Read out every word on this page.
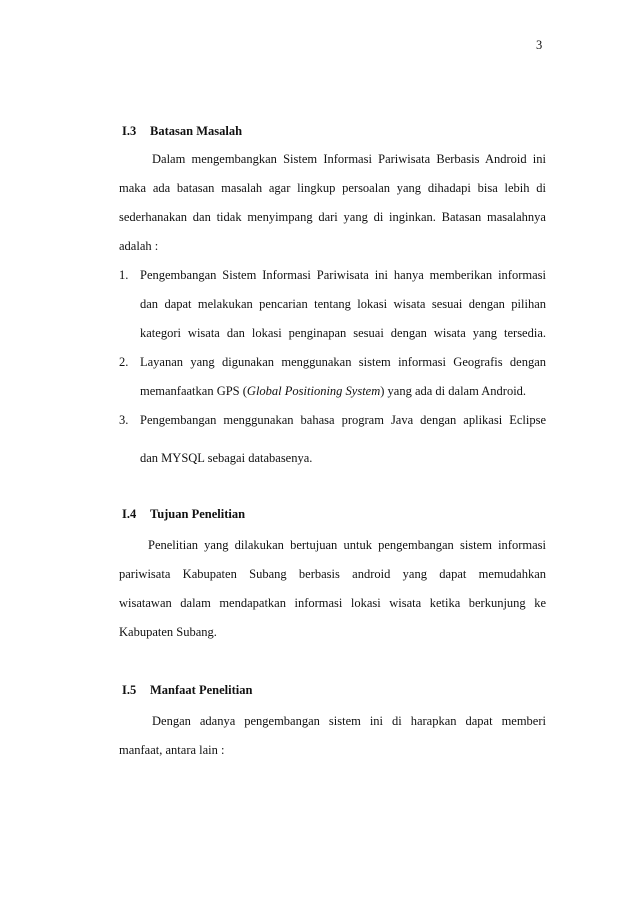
3
I.3 Batasan Masalah
Dalam mengembangkan Sistem Informasi Pariwisata Berbasis Android ini
maka ada batasan masalah agar lingkup persoalan yang dihadapi bisa lebih di
sederhanakan dan tidak menyimpang dari yang di inginkan. Batasan masalahnya
adalah :
1. Pengembangan Sistem Informasi Pariwisata ini hanya memberikan informasi
dan dapat melakukan pencarian tentang lokasi wisata sesuai dengan pilihan
kategori wisata dan lokasi penginapan sesuai dengan wisata yang tersedia.
2. Layanan yang digunakan menggunakan sistem informasi Geografis dengan
memanfaatkan GPS (Global Positioning System) yang ada di dalam Android.
3. Pengembangan menggunakan bahasa program Java dengan aplikasi Eclipse
dan MYSQL sebagai databasenya.
I.4 Tujuan Penelitian
Penelitian yang dilakukan bertujuan untuk pengembangan sistem informasi
pariwisata Kabupaten Subang berbasis android yang dapat memudahkan
wisatawan dalam mendapatkan informasi lokasi wisata ketika berkunjung ke
Kabupaten Subang.
I.5 Manfaat Penelitian
Dengan adanya pengembangan sistem ini di harapkan dapat memberi
manfaat, antara lain :
